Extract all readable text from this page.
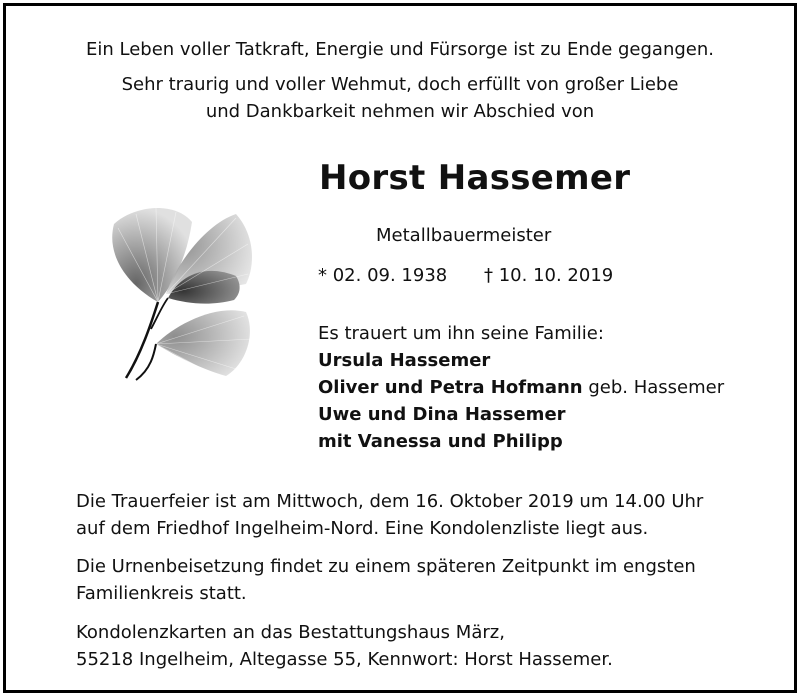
Ein Leben voller Tatkraft, Energie und Fürsorge ist zu Ende gegangen.
Sehr traurig und voller Wehmut, doch erfüllt von großer Liebe
und Dankbarkeit nehmen wir Abschied von
Horst Hassemer
Metallbauermeister
* 02. 09. 1938 † 10. 10. 2019
Es trauert um ihn seine Familie:
Ursula Hassemer
Oliver und Petra Hofmann geb. Hassemer
Uwe und Dina Hassemer
mit Vanessa und Philipp
Die Trauerfeier ist am Mittwoch, dem 16. Oktober 2019 um 14.00 Uhr
auf dem Friedhof Ingelheim-Nord. Eine Kondolenzliste liegt aus.
Die Urnenbeisetzung findet zu einem späteren Zeitpunkt im engsten
Familienkreis statt.
Kondolenzkarten an das Bestattungshaus März,
55218 Ingelheim, Altegasse 55, Kennwort: Horst Hassemer.
